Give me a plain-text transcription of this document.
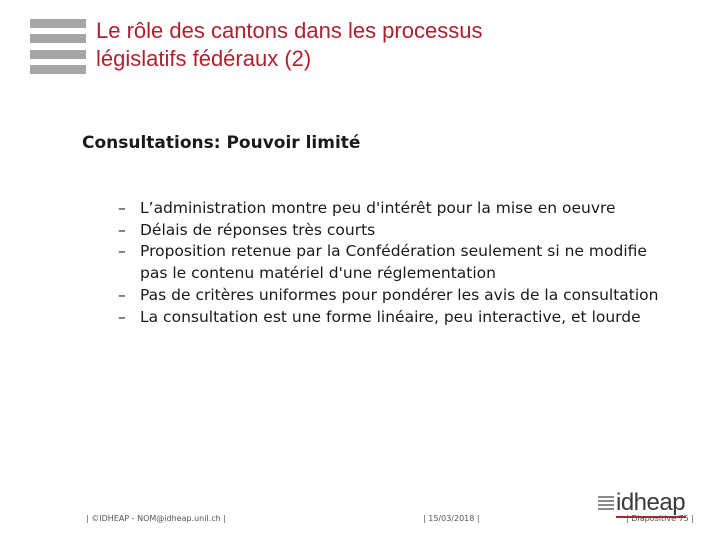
Le rôle des cantons dans les processus
législatifs fédéraux (2)
Consultations: Pouvoir limité
– L’administration montre peu d'intérêt pour la mise en oeuvre
– Délais de réponses très courts
– Proposition retenue par la Confédération seulement si ne modifie pas le contenu matériel d'une réglementation
– Pas de critères uniformes pour pondérer les avis de la consultation
– La consultation est une forme linéaire, peu interactive, et lourde
| ©IDHEAP - NOM@idheap.unil.ch |	| 15/03/2018 |
idheap
| Diapositive 75 |
